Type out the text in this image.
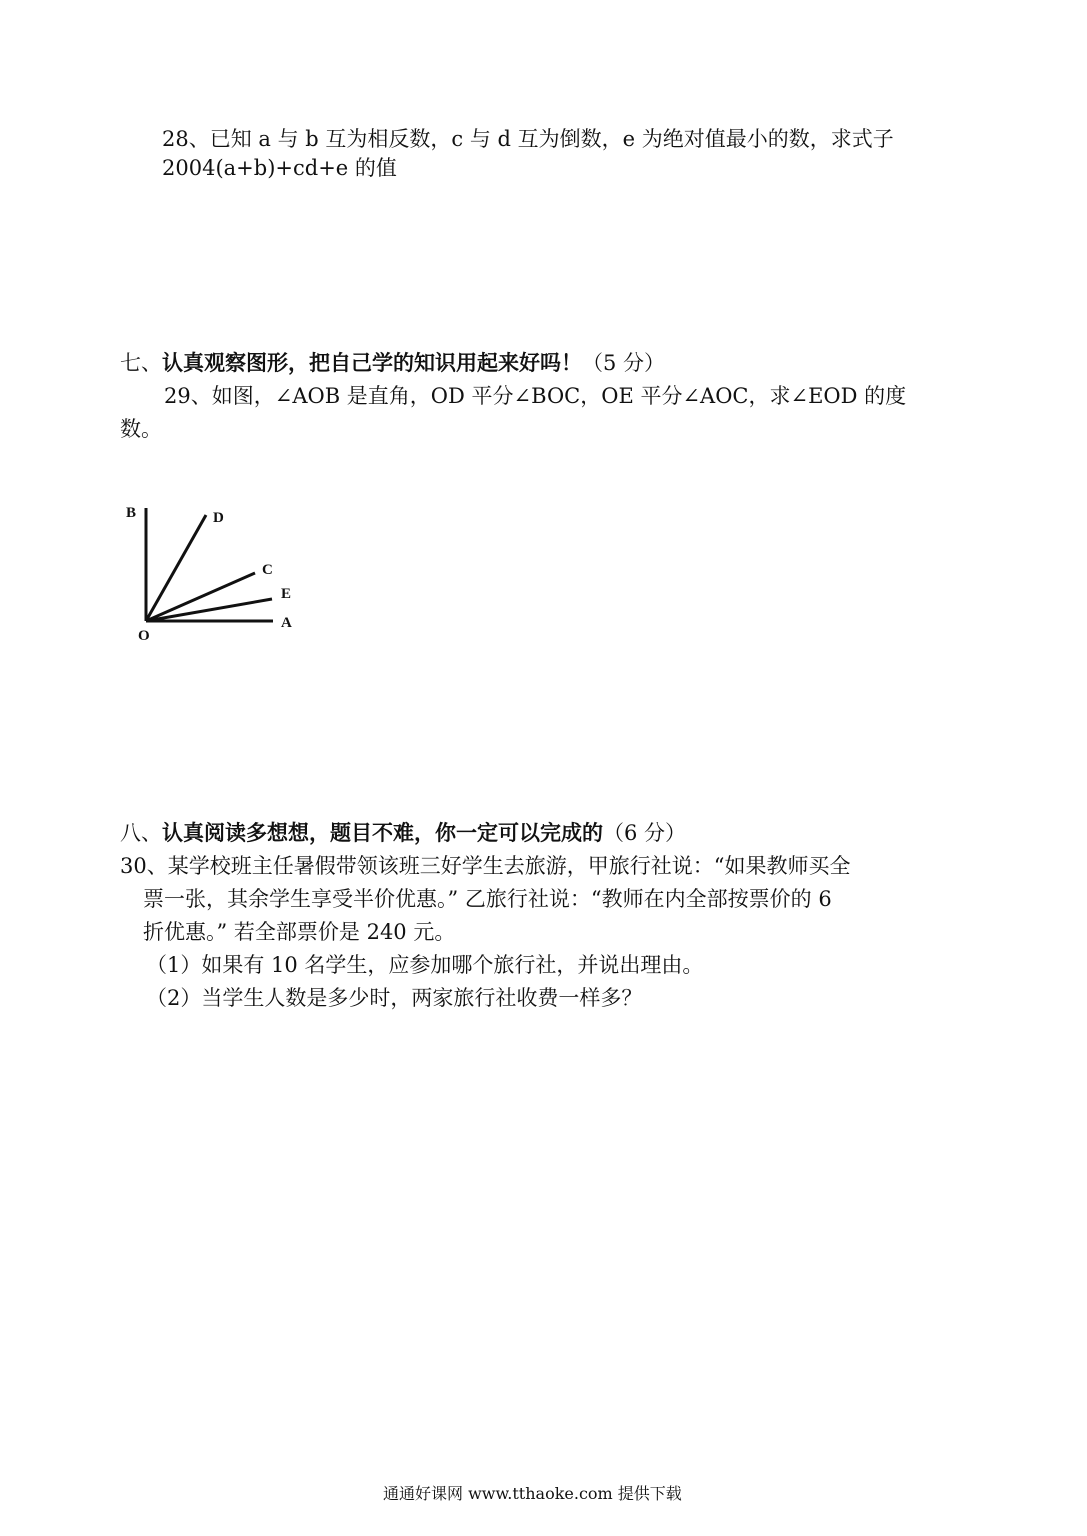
28、已知 a 与 b 互为相反数，c 与 d 互为倒数，e 为绝对值最小的数，求式子
2004(a+b)+cd+e 的值
七、认真观察图形，把自己学的知识用起来好吗！（5 分）
29、如图，∠AOB 是直角，OD 平分∠BOC，OE 平分∠AOC，求∠EOD 的度
数。
B	D
C
E
O
A
八、认真阅读多想想，题目不难，你一定可以完成的（6 分）
30、某学校班主任暑假带领该班三好学生去旅游，甲旅行社说：“如果教师买全
票一张，其余学生享受半价优惠。” 乙旅行社说：“教师在内全部按票价的 6
折优惠。” 若全部票价是 240 元。
（1）如果有 10 名学生，应参加哪个旅行社，并说出理由。
（2）当学生人数是多少时，两家旅行社收费一样多？
通通好课网 www.tthaoke.com 提供下载
